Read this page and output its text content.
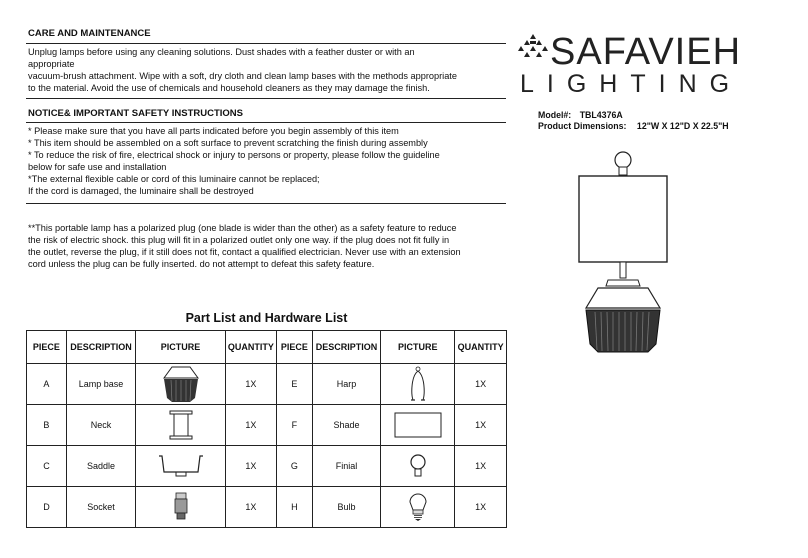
CARE AND MAINTENANCE
Unplug lamps before using any cleaning solutions. Dust shades with a feather duster or with an
appropriate
vacuum-brush attachment. Wipe with a soft, dry cloth and clean lamp bases with the methods appropriate
to the material. Avoid the use of chemicals and household cleaners as they may damage the finish.
NOTICE& IMPORTANT SAFETY INSTRUCTIONS
* Please make sure that you have all parts indicated before you begin assembly of this item
* This item should be assembled on a soft surface to prevent scratching the finish during assembly
* To reduce the risk of fire, electrical shock or injury to persons or property, please follow the guideline
below for safe use and installation
*The external flexible cable or cord of this luminaire cannot be replaced;
If the cord is damaged, the luminaire shall be destroyed
**This portable lamp has a polarized plug (one blade is wider than the other) as a safety feature to reduce
the risk of electric shock. this plug will fit in a polarized outlet only one way. if the plug does not fit fully in
the outlet, reverse the plug, if it still does not fit, contact a qualified electrician. Never use with an extension
cord unless the plug can be fully inserted. do not attempt to defeat this safety feature.
SAFAVIEH
LIGHTING
Model#: TBL4376A
Product Dimensions: 12"W X 12"D X 22.5"H
Part List and Hardware List
PIECE	DESCRIPTION	PICTURE	QUANTITY	PIECE	DESCRIPTION	PICTURE	QUANTITY
A	Lamp base		1X	E	Harp		1X
B	Neck		1X	F	Shade		1X
C	Saddle		1X	G	Finial		1X
D	Socket		1X	H	Bulb		1X
